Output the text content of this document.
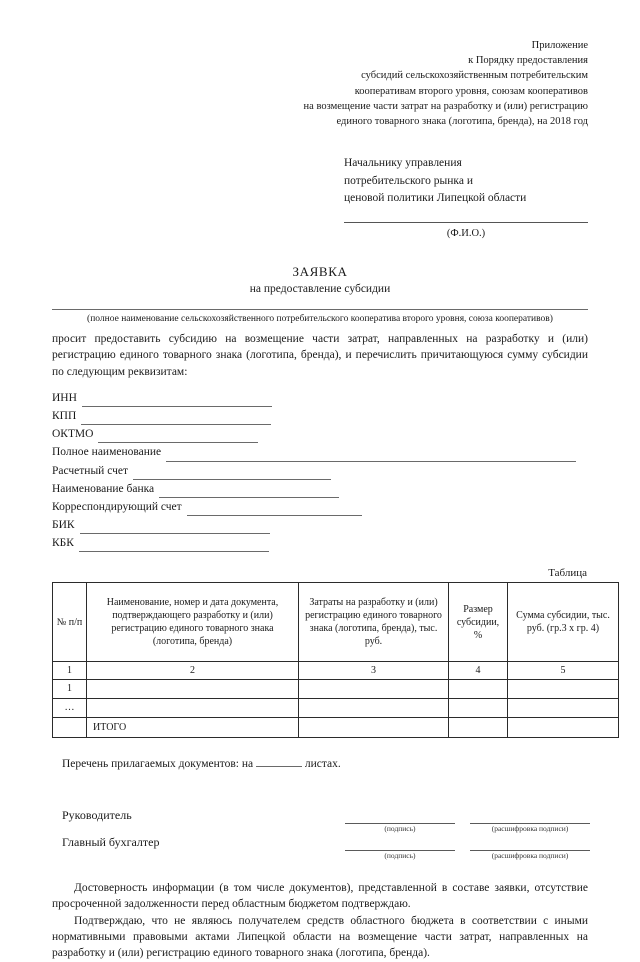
Приложение
к Порядку предоставления
субсидий сельскохозяйственным потребительским
кооперативам второго уровня, союзам кооперативов
на возмещение части затрат на разработку и (или) регистрацию
единого товарного знака (логотипа, бренда), на 2018 год
Начальнику управления
потребительского рынка и
ценовой политики Липецкой области
(Ф.И.О.)
ЗАЯВКА
на предоставление субсидии
(полное наименование сельскохозяйственного потребительского кооператива второго уровня, союза кооперативов)
просит предоставить субсидию на возмещение части затрат, направленных на разработку и (или) регистрацию единого товарного знака (логотипа, бренда), и перечислить причитающуюся сумму субсидии по следующим реквизитам:
ИНН
КПП
ОКТМО
Полное наименование
Расчетный счет
Наименование банка
Корреспондирующий счет
БИК
КБК
Таблица
№ п/п	Наименование, номер и дата документа, подтверждающего разработку и (или) регистрацию единого товарного знака (логотипа, бренда)	Затраты на разработку и (или) регистрацию единого товарного знака (логотипа, бренда), тыс. руб.	Размер субсидии, %	Сумма субсидии, тыс. руб. (гр.3 х гр. 4)
1	2	3	4	5
1				
…				
	ИТОГО			
Перечень прилагаемых документов: на	листах.
Руководитель
Главный бухгалтер
(подпись)	(расшифровка подписи)
(подпись)	(расшифровка подписи)

Достоверность информации (в том числе документов), представленной в составе заявки, отсутствие просроченной задолженности перед областным бюджетом подтверждаю.

Подтверждаю, что не являюсь получателем средств областного бюджета в соответствии с иными нормативными правовыми актами Липецкой области на возмещение части затрат, направленных на разработку и (или) регистрацию единого товарного знака (логотипа, бренда).
